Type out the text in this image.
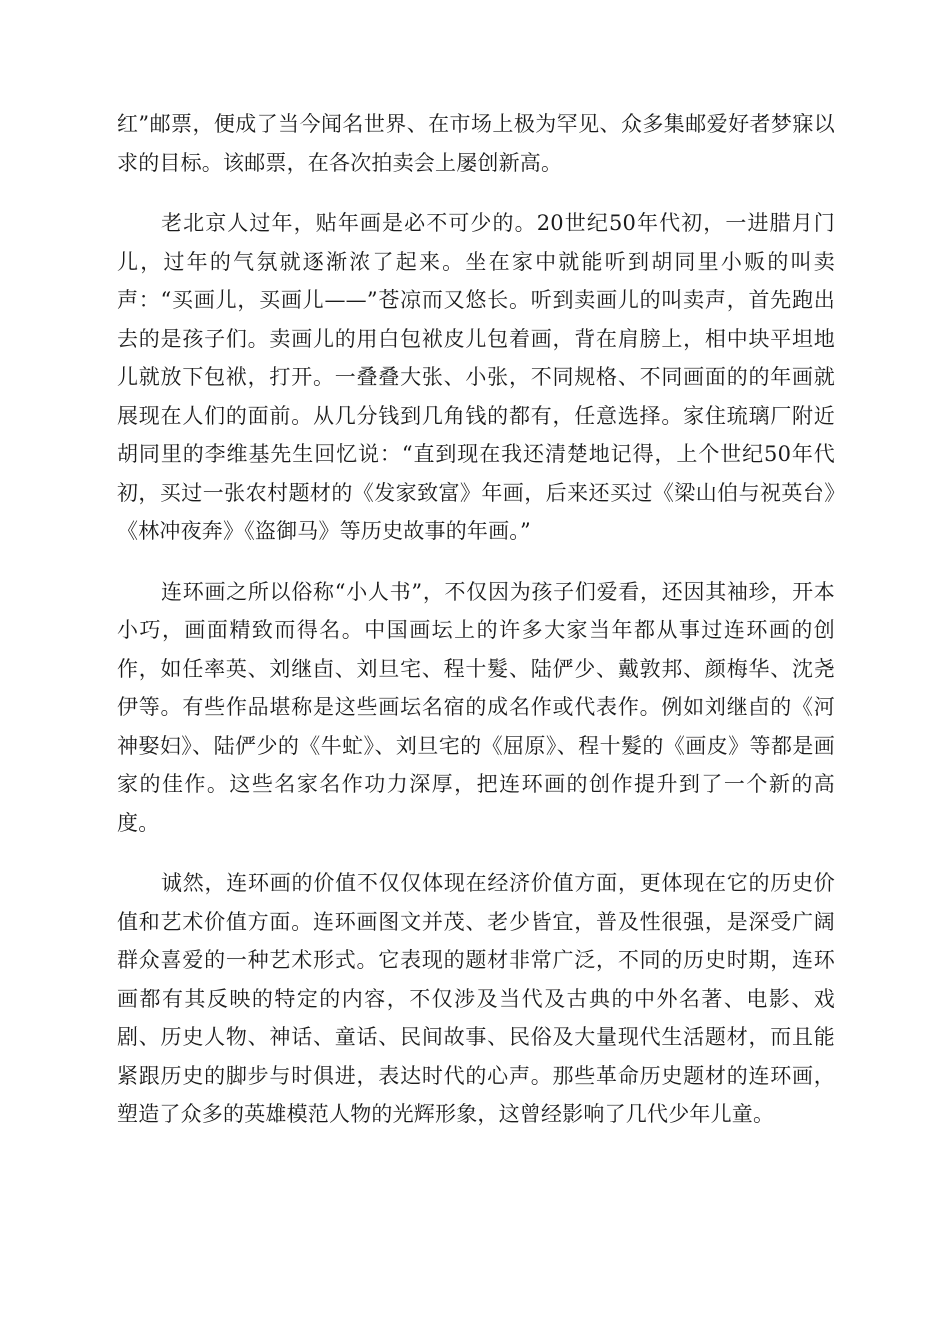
红”邮票，便成了当今闻名世界、在市场上极为罕见、众多集邮爱好者梦寐以求的目标。该邮票，在各次拍卖会上屡创新高。

老北京人过年，贴年画是必不可少的。20世纪50年代初，一进腊月门儿，过年的气氛就逐渐浓了起来。坐在家中就能听到胡同里小贩的叫卖声：“买画儿，买画儿——”苍凉而又悠长。听到卖画儿的叫卖声，首先跑出去的是孩子们。卖画儿的用白包袱皮儿包着画，背在肩膀上，相中块平坦地儿就放下包袱，打开。一叠叠大张、小张，不同规格、不同画面的的年画就展现在人们的面前。从几分钱到几角钱的都有，任意选择。家住琉璃厂附近胡同里的李维基先生回忆说：“直到现在我还清楚地记得，上个世纪50年代初，买过一张农村题材的《发家致富》年画，后来还买过《梁山伯与祝英台》《林冲夜奔》《盗御马》等历史故事的年画。”

连环画之所以俗称“小人书”，不仅因为孩子们爱看，还因其袖珍，开本小巧，画面精致而得名。中国画坛上的许多大家当年都从事过连环画的创作，如任率英、刘继卣、刘旦宅、程十髮、陆俨少、戴敦邦、颜梅华、沈尧伊等。有些作品堪称是这些画坛名宿的成名作或代表作。例如刘继卣的《河神娶妇》、陆俨少的《牛虻》、刘旦宅的《屈原》、程十髮的《画皮》等都是画家的佳作。这些名家名作功力深厚，把连环画的创作提升到了一个新的高度。

诚然，连环画的价值不仅仅体现在经济价值方面，更体现在它的历史价值和艺术价值方面。连环画图文并茂、老少皆宜，普及性很强，是深受广阔群众喜爱的一种艺术形式。它表现的题材非常广泛，不同的历史时期，连环画都有其反映的特定的内容，不仅涉及当代及古典的中外名著、电影、戏剧、历史人物、神话、童话、民间故事、民俗及大量现代生活题材，而且能紧跟历史的脚步与时俱进，表达时代的心声。那些革命历史题材的连环画，塑造了众多的英雄模范人物的光辉形象，这曾经影响了几代少年儿童。
